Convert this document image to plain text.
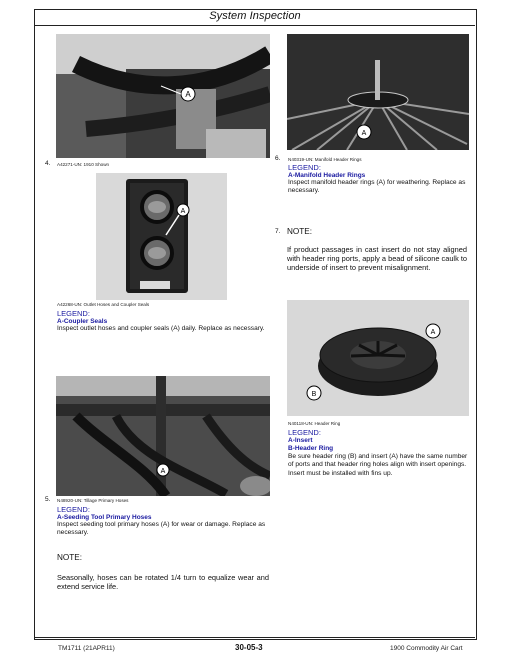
System Inspection
A
4. A42271-UN: 1910 Shown
A
A42268-UN: Outlet Hoses and Coupler Seals
LEGEND:
A-Coupler Seals
Inspect outlet hoses and coupler seals (A) daily. Replace as necessary.
A
5. N48920-UN: Tillage Primary Hoses
LEGEND:
A-Seeding Tool Primary Hoses
Inspect seeding tool primary hoses (A) for wear or damage. Replace as necessary.
NOTE:
Seasonally, hoses can be rotated 1/4 turn to equalize wear and extend service life.
A
6. N40319-UN: Manifold Header Rings
LEGEND:
A-Manifold Header Rings
Inspect manifold header rings (A) for weathering. Replace as necessary.
7. NOTE:
If product passages in cast insert do not stay aligned with header ring ports, apply a bead of silicone caulk to underside of insert to prevent misalignment.
A
B
N40118-UN: Header Ring
LEGEND:
A-Insert
B-Header Ring
Be sure header ring (B) and insert (A) have the same number of ports and that header ring holes align with insert openings. Insert must be installed with fins up.
TM1711 (21APR11)	30-05-3	1900 Commodity Air Cart
